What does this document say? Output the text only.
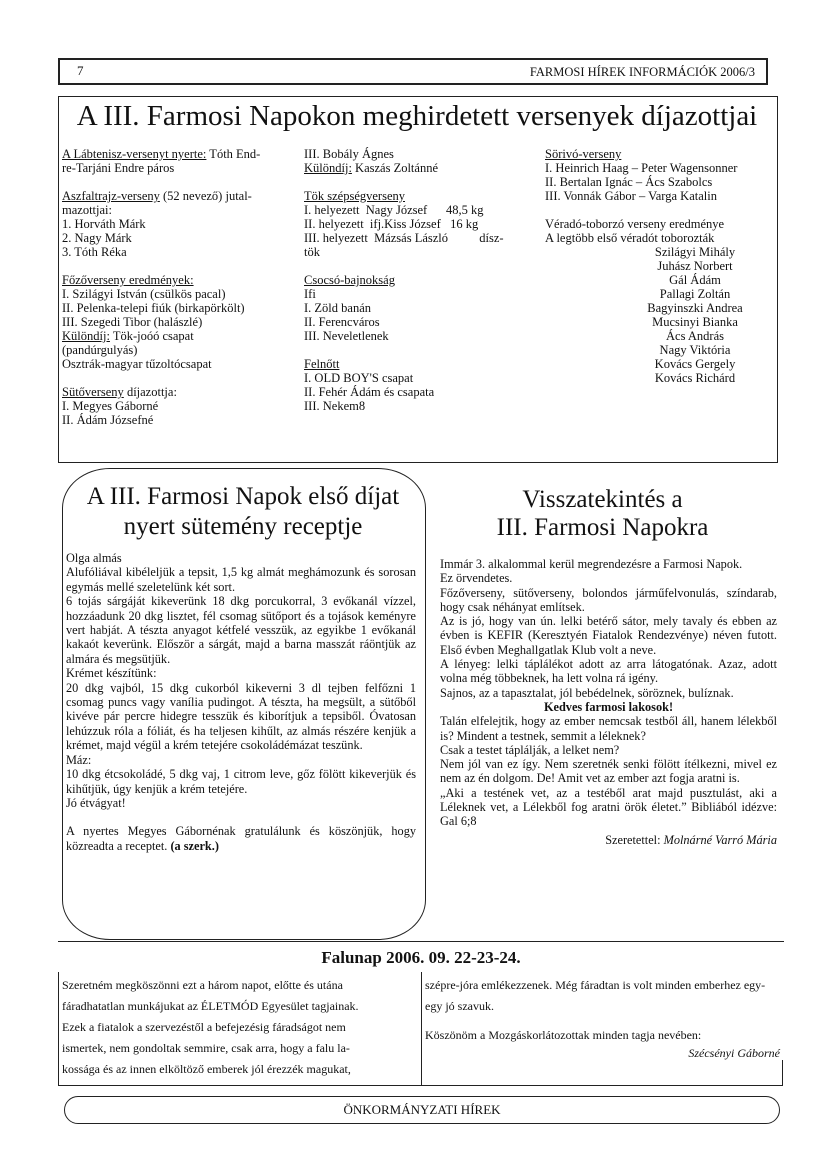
7	FARMOSI HÍREK INFORMÁCIÓK 2006/3
A III. Farmosi Napokon meghirdetett versenyek díjazottjai
A Lábtenisz-versenyt nyerte: Tóth End-
re-Tarjáni Endre páros
Aszfaltrajz-verseny (52 nevező) jutal-
mazottjai:
1. Horváth Márk
2. Nagy Márk
3. Tóth Réka
Főzőverseny eredmények:
I. Szilágyi István (csülkös pacal)
II. Pelenka-telepi fiúk (birkapörkölt)
III. Szegedi Tibor (halászlé)
Különdíj: Tök-joóó csapat
(pandúrgulyás)
Osztrák-magyar tűzoltócsapat
Sütőverseny díjazottja:
I. Megyes Gáborné
II. Ádám Józsefné
III. Bobály Ágnes
Különdíj: Kaszás Zoltánné
Tök szépségverseny
I. helyezett  Nagy József      48,5 kg
II. helyezett  ifj.Kiss József   16 kg
III. helyezett  Mázsás László          dísz-
tök
Csocsó-bajnokság
Ifi
I. Zöld banán
II. Ferencváros
III. Neveletlenek
Felnőtt
I. OLD BOY'S csapat
II. Fehér Ádám és csapata
III. Nekem8
Sörivó-verseny
I. Heinrich Haag – Peter Wagensonner
II. Bertalan Ignác – Ács Szabolcs
III. Vonnák Gábor – Varga Katalin
Véradó-toborzó verseny eredménye
A legtöbb első véradót toborozták
Szilágyi Mihály
Juhász Norbert
Gál Ádám
Pallagi Zoltán
Bagyinszki Andrea
Mucsinyi Bianka
Ács András
Nagy Viktória
Kovács Gergely
Kovács Richárd
A III. Farmosi Napok első díjat
nyert sütemény receptje

Olga almás

Alufóliával kibéleljük a tepsit, 1,5 kg almát meghámozunk és sorosan egymás mellé szeletelünk két sort.

6 tojás sárgáját kikeverünk 18 dkg porcukorral, 3 evőkanál vízzel, hozzáadunk 20 dkg lisztet, fél csomag sütőport és a tojások keményre vert habját. A tészta anyagot kétfelé vesszük, az egyikbe 1 evőkanál kakaót keverünk. Először a sárgát, majd a barna masszát ráöntjük az almára és megsütjük.

Krémet készítünk:

20 dkg vajból, 15 dkg cukorból kikeverni 3 dl tejben felfőzni 1 csomag puncs vagy vanília pudingot. A tészta, ha megsült, a sütőből kivéve pár percre hidegre tesszük és kiborítjuk a tepsiből. Óvatosan lehúzzuk róla a fóliát, és ha teljesen kihűlt, az almás részére kenjük a krémet, majd végül a krém tetejére csokoládémázat teszünk.

Máz:

10 dkg étcsokoládé, 5 dkg vaj, 1 citrom leve, gőz fölött kikeverjük és kihűtjük, úgy kenjük a krém tetejére.

Jó étvágyat!

A nyertes Megyes Gábornénak gratulálunk és köszönjük, hogy közreadta a receptet. (a szerk.)

Visszatekintés a
III. Farmosi Napokra

Immár 3. alkalommal kerül megrendezésre a Farmosi Napok.

Ez örvendetes.

Főzőverseny, sütőverseny, bolondos járműfelvonulás, színdarab, hogy csak néhányat említsek.

Az is jó, hogy van ún. lelki betérő sátor, mely tavaly és ebben az évben is KEFIR (Keresztyén Fiatalok Rendezvénye) néven futott. Első évben Meghallgatlak Klub volt a neve.

A lényeg: lelki táplálékot adott az arra látogatónak. Azaz, adott volna még többeknek, ha lett volna rá igény.

Sajnos, az a tapasztalat, jól bebédelnek, söröznek, bulíznak.

Kedves farmosi lakosok!

Talán elfelejtik, hogy az ember nemcsak testből áll, hanem lélekből is? Mindent a testnek, semmit a léleknek?

Csak a testet táplálják, a lelket nem?

Nem jól van ez így. Nem szeretnék senki fölött ítélkezni, mivel ez nem az én dolgom. De! Amit vet az ember azt fogja aratni is.

„Aki a testének vet, az a testéből arat majd pusztulást, aki a Léleknek vet, a Lélekből fog aratni örök életet.” Bibliából idézve: Gal 6;8

Szeretettel: Molnárné Varró Mária

Falunap 2006. 09. 22-23-24.
Szeretném megköszönni ezt a három napot, előtte és utána
fáradhatatlan munkájukat az ÉLETMÓD Egyesület tagjainak.
Ezek a fiatalok a szervezéstől a befejezésig fáradságot nem
ismertek, nem gondoltak semmire, csak arra, hogy a falu la-
kossága és az innen elköltöző emberek jól érezzék magukat,
szépre-jóra emlékezzenek. Még fáradtan is volt minden emberhez egy-egy jó szavuk.
Köszönöm a Mozgáskorlátozottak minden tagja nevében:
Szécsényi Gáborné
ÖNKORMÁNYZATI HÍREK
